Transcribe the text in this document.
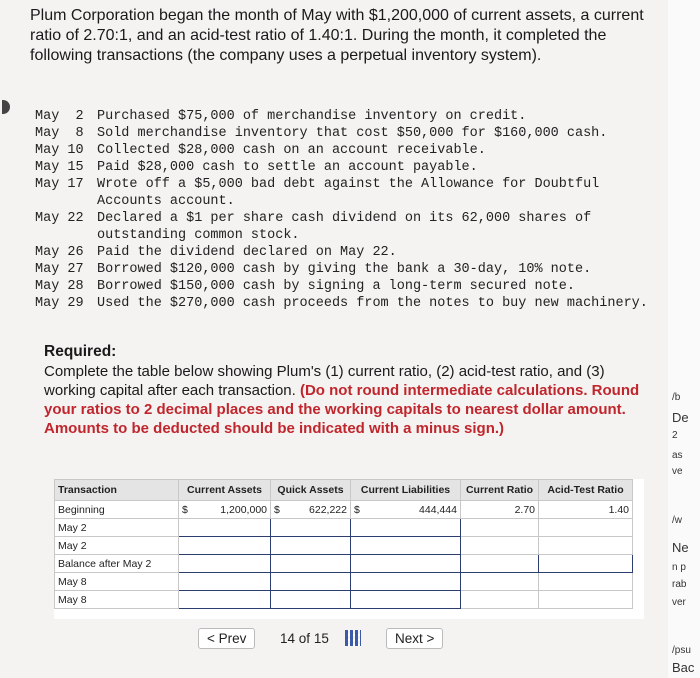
Plum Corporation began the month of May with $1,200,000 of current assets, a current ratio of 2.70:1, and an acid-test ratio of 1.40:1. During the month, it completed the following transactions (the company uses a perpetual inventory system).
May  2 Purchased $75,000 of merchandise inventory on credit.
May  8 Sold merchandise inventory that cost $50,000 for $160,000 cash.
May 10 Collected $28,000 cash on an account receivable.
May 15 Paid $28,000 cash to settle an account payable.
May 17 Wrote off a $5,000 bad debt against the Allowance for Doubtful Accounts account.
May 22 Declared a $1 per share cash dividend on its 62,000 shares of outstanding common stock.
May 26 Paid the dividend declared on May 22.
May 27 Borrowed $120,000 cash by giving the bank a 30-day, 10% note.
May 28 Borrowed $150,000 cash by signing a long-term secured note.
May 29 Used the $270,000 cash proceeds from the notes to buy new machinery.
Required:
Complete the table below showing Plum's (1) current ratio, (2) acid-test ratio, and (3) working capital after each transaction. (Do not round intermediate calculations. Round your ratios to 2 decimal places and the working capitals to nearest dollar amount. Amounts to be deducted should be indicated with a minus sign.)
Transaction	Current Assets	Quick Assets	Current Liabilities	Current Ratio	Acid-Test Ratio
Beginning	$ 1,200,000	$ 622,222	$ 444,444	2.70	1.40
May 2					
May 2					
Balance after May 2					
May 8					
May 8					
< Prev	14 of 15	Next >
/b
De
2
as
ve
/w
Ne
n p
rab
ver
/psu
Bac
